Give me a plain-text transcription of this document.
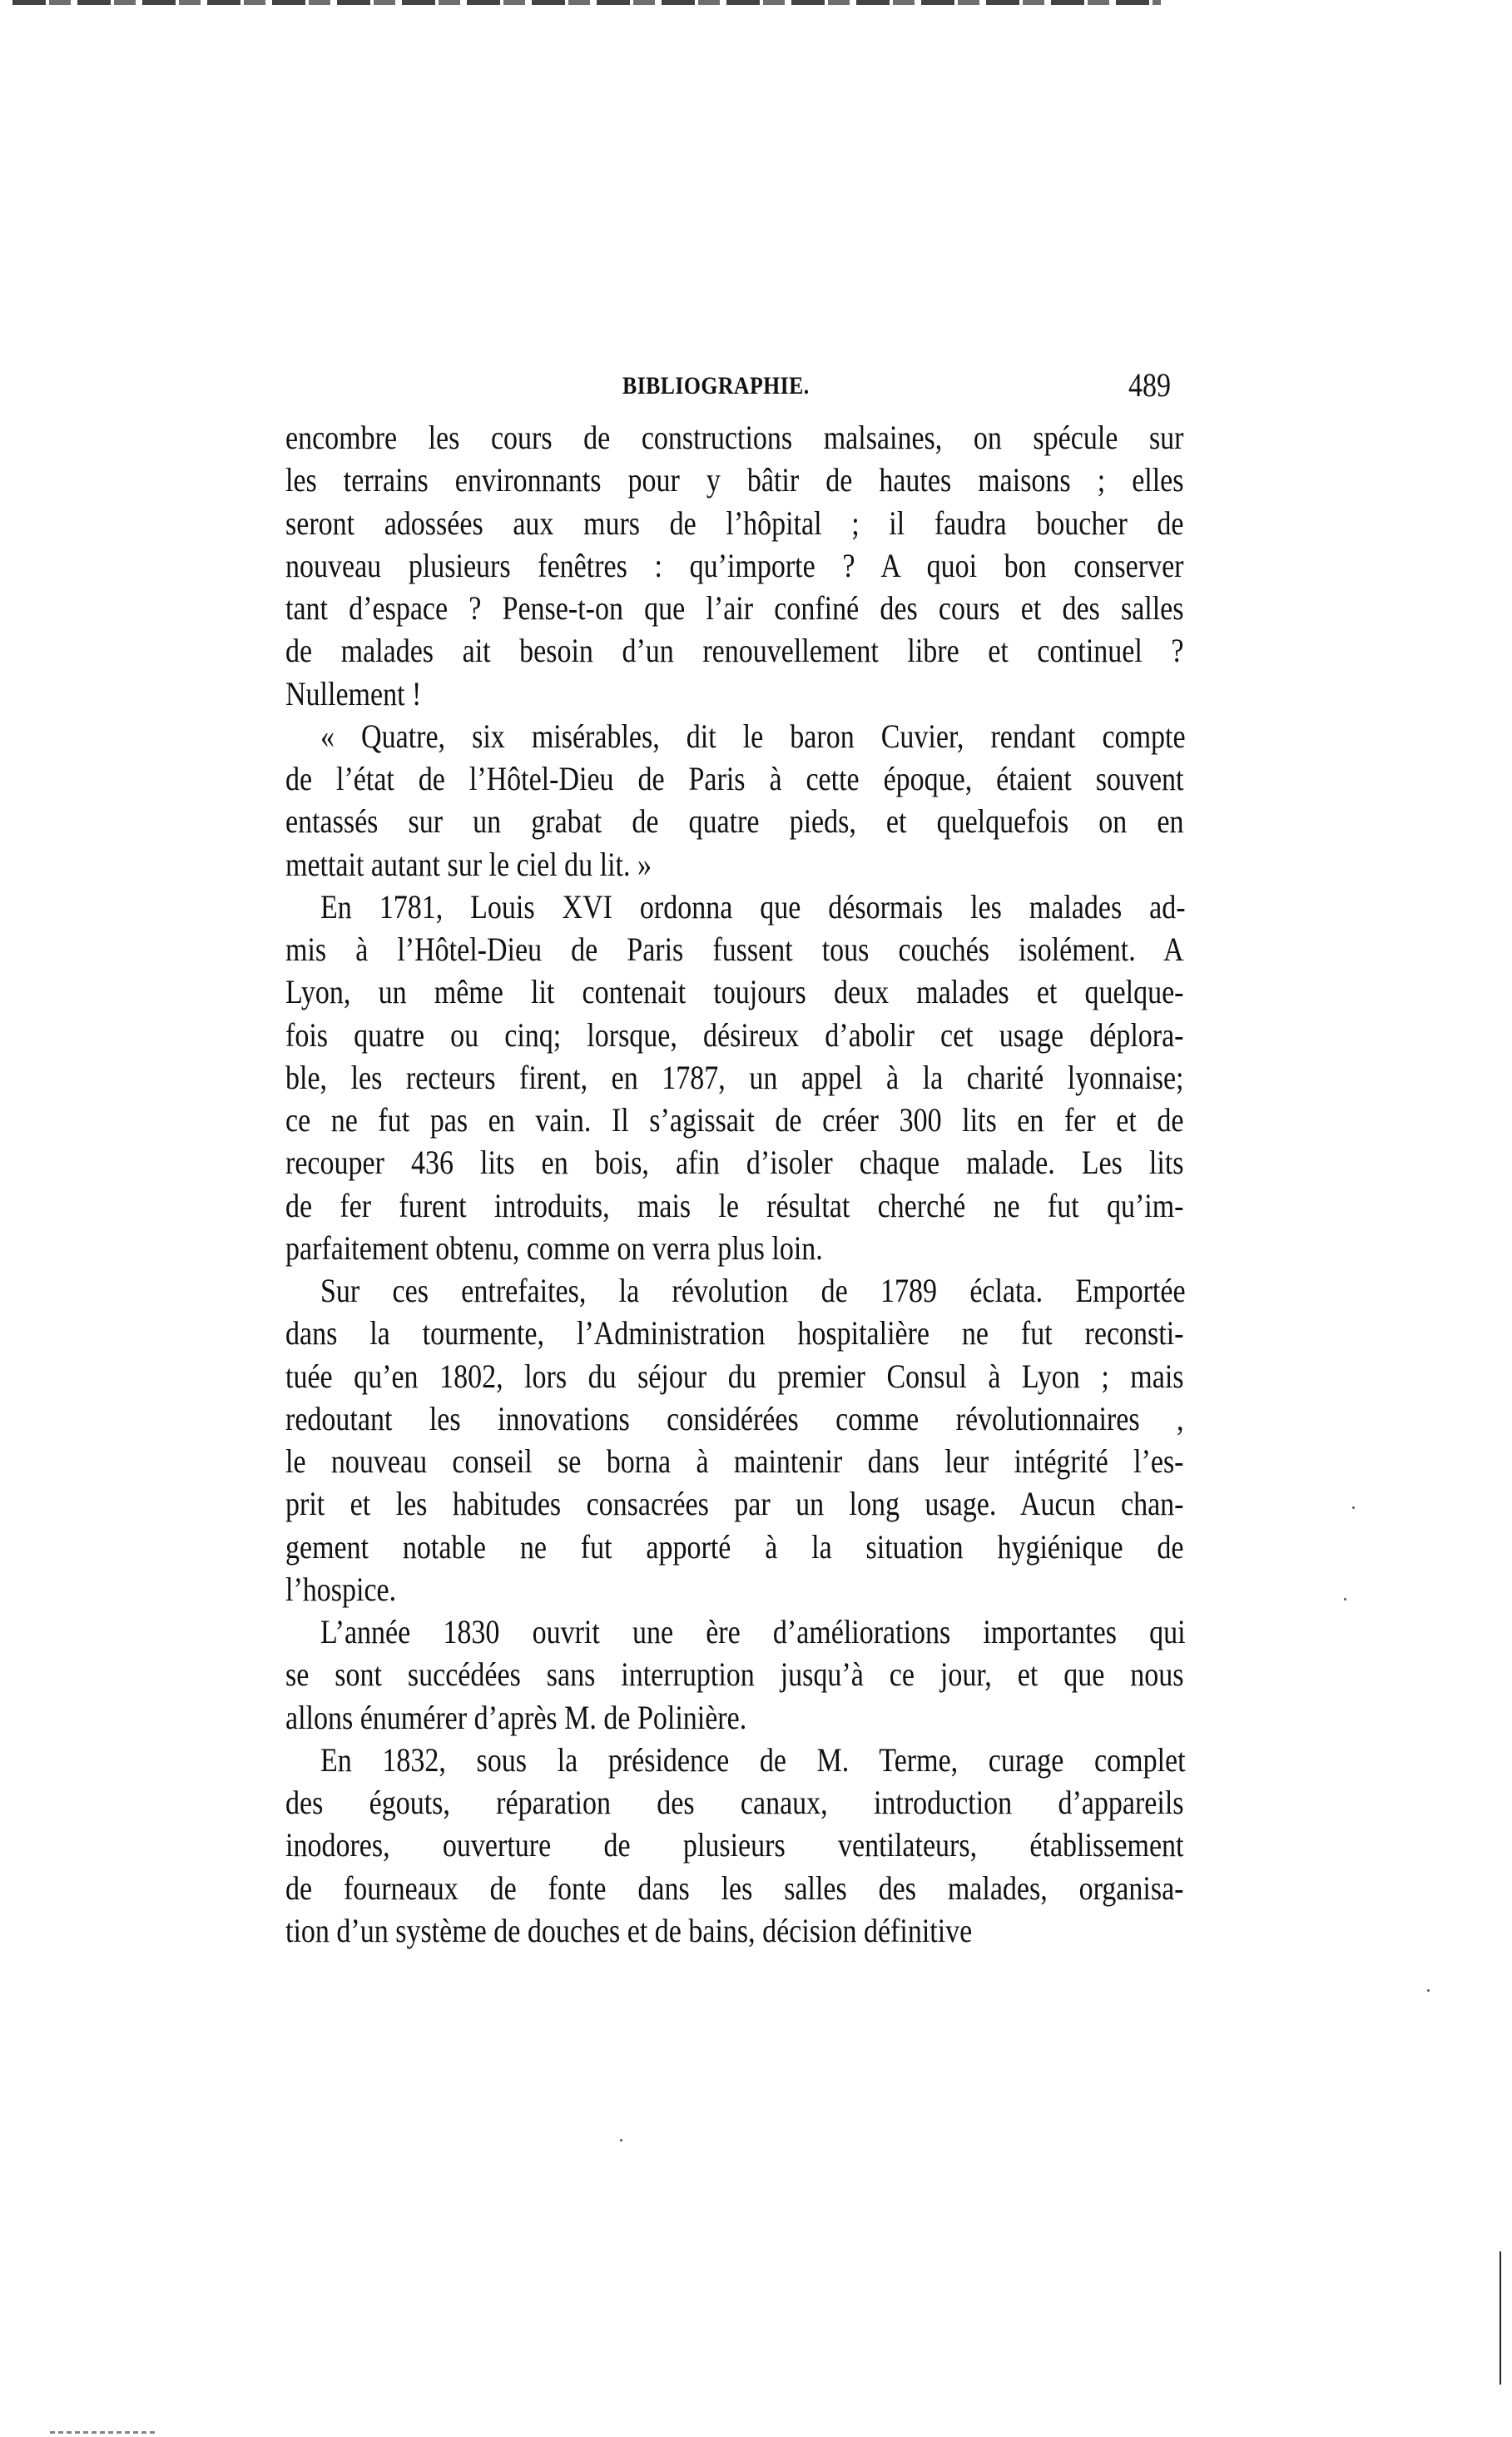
BIBLIOGRAPHIE.	489
encombre les cours de constructions malsaines, on spécule sur
les terrains environnants pour y bâtir de hautes maisons ; elles
seront adossées aux murs de l’hôpital ; il faudra boucher de
nouveau plusieurs fenêtres : qu’importe ? A quoi bon conserver
tant d’espace ? Pense-t-on que l’air confiné des cours et des salles
de malades ait besoin d’un renouvellement libre et continuel ?
Nullement !
« Quatre, six misérables, dit le baron Cuvier, rendant compte
de l’état de l’Hôtel-Dieu de Paris à cette époque, étaient souvent
entassés sur un grabat de quatre pieds, et quelquefois on en
mettait autant sur le ciel du lit. »
En 1781, Louis XVI ordonna que désormais les malades ad-
mis à l’Hôtel-Dieu de Paris fussent tous couchés isolément. A
Lyon, un même lit contenait toujours deux malades et quelque-
fois quatre ou cinq; lorsque, désireux d’abolir cet usage déplora-
ble, les recteurs firent, en 1787, un appel à la charité lyonnaise;
ce ne fut pas en vain. Il s’agissait de créer 300 lits en fer et de
recouper 436 lits en bois, afin d’isoler chaque malade. Les lits
de fer furent introduits, mais le résultat cherché ne fut qu’im-
parfaitement obtenu, comme on verra plus loin.
Sur ces entrefaites, la révolution de 1789 éclata. Emportée
dans la tourmente, l’Administration hospitalière ne fut reconsti-
tuée qu’en 1802, lors du séjour du premier Consul à Lyon ; mais
redoutant les innovations considérées comme révolutionnaires ,
le nouveau conseil se borna à maintenir dans leur intégrité l’es-
prit et les habitudes consacrées par un long usage. Aucun chan-
gement notable ne fut apporté à la situation hygiénique de
l’hospice.
L’année 1830 ouvrit une ère d’améliorations importantes qui
se sont succédées sans interruption jusqu’à ce jour, et que nous
allons énumérer d’après M. de Polinière.
En 1832, sous la présidence de M. Terme, curage complet
des égouts, réparation des canaux, introduction d’appareils
inodores, ouverture de plusieurs ventilateurs, établissement
de fourneaux de fonte dans les salles des malades, organisa-
tion d’un système de douches et de bains, décision définitive
